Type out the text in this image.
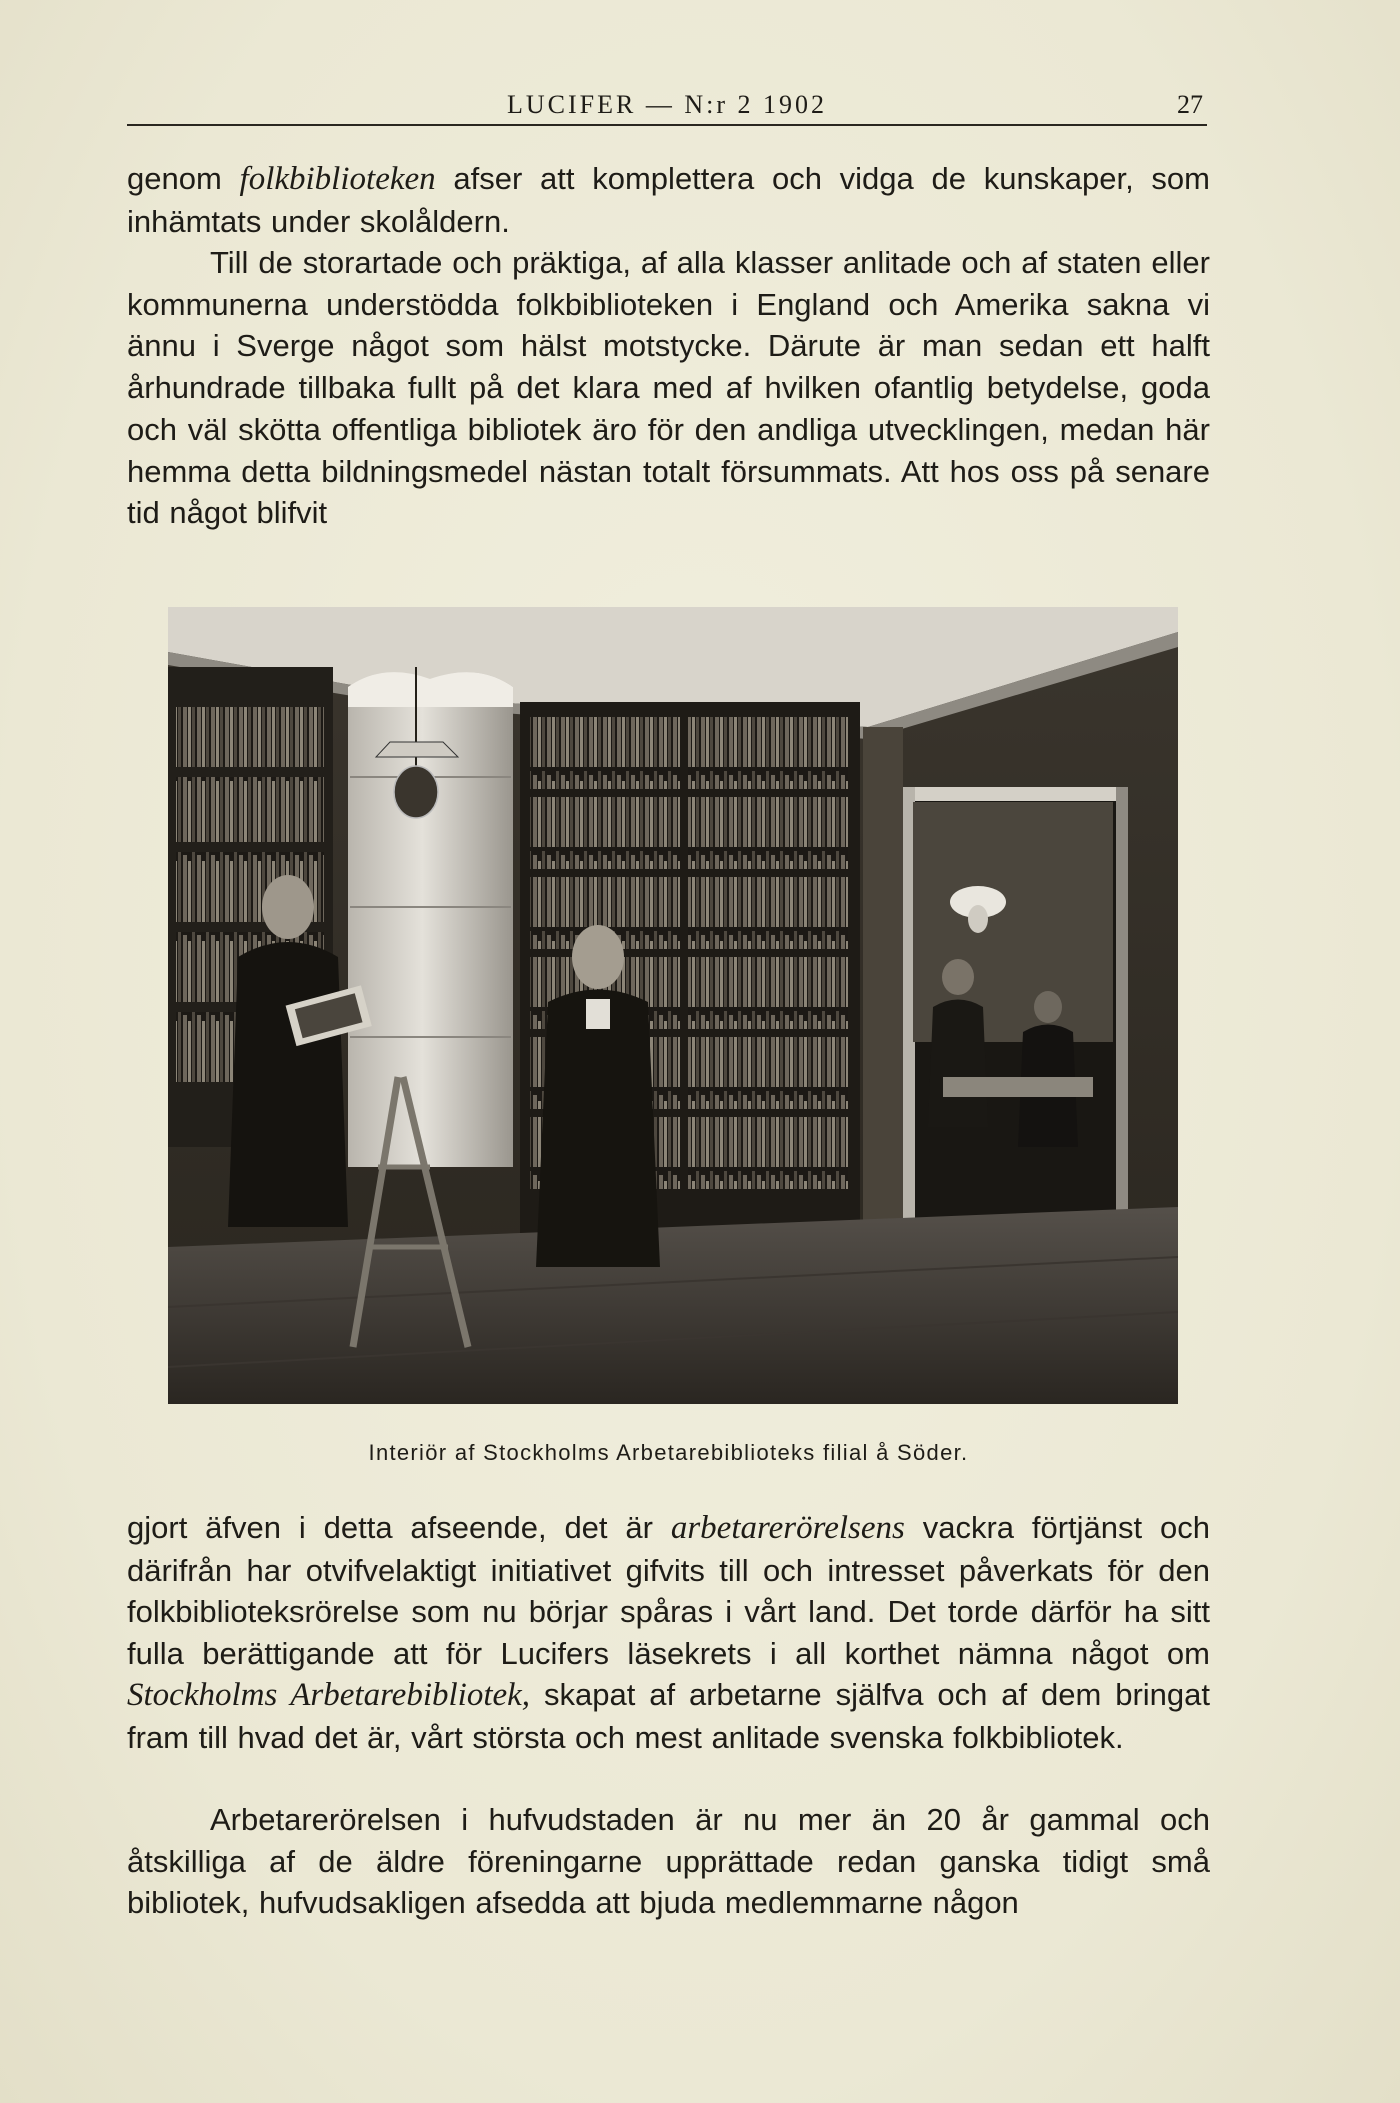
LUCIFER — N:r 2 1902	27

genom folkbiblioteken afser att komplettera och vidga de kunskaper, som inhämtats under skolåldern.

Till de storartade och präktiga, af alla klasser anlitade och af staten eller kommunerna understödda folkbiblioteken i England och Amerika sakna vi ännu i Sverge något som hälst motstycke. Därute är man sedan ett halft århundrade tillbaka fullt på det klara med af hvilken ofantlig betydelse, goda och väl skötta offentliga bibliotek äro för den andliga utvecklingen, medan här hemma detta bildningsmedel nästan totalt försummats. Att hos oss på senare tid något blifvit

Interiör af Stockholms Arbetarebiblioteks filial å Söder.

gjort äfven i detta afseende, det är arbetarerörelsens vackra förtjänst och därifrån har otvifvelaktigt initiativet gifvits till och intresset påverkats för den folkbiblioteksrörelse som nu börjar spåras i vårt land. Det torde därför ha sitt fulla berättigande att för Lucifers läsekrets i all korthet nämna något om Stockholms Arbetarebibliotek, skapat af arbetarne själfva och af dem bringat fram till hvad det är, vårt största och mest anlitade svenska folkbibliotek.

Arbetarerörelsen i hufvudstaden är nu mer än 20 år gammal och åtskilliga af de äldre föreningarne upprättade redan ganska tidigt små bibliotek, hufvudsakligen afsedda att bjuda medlemmarne någon
